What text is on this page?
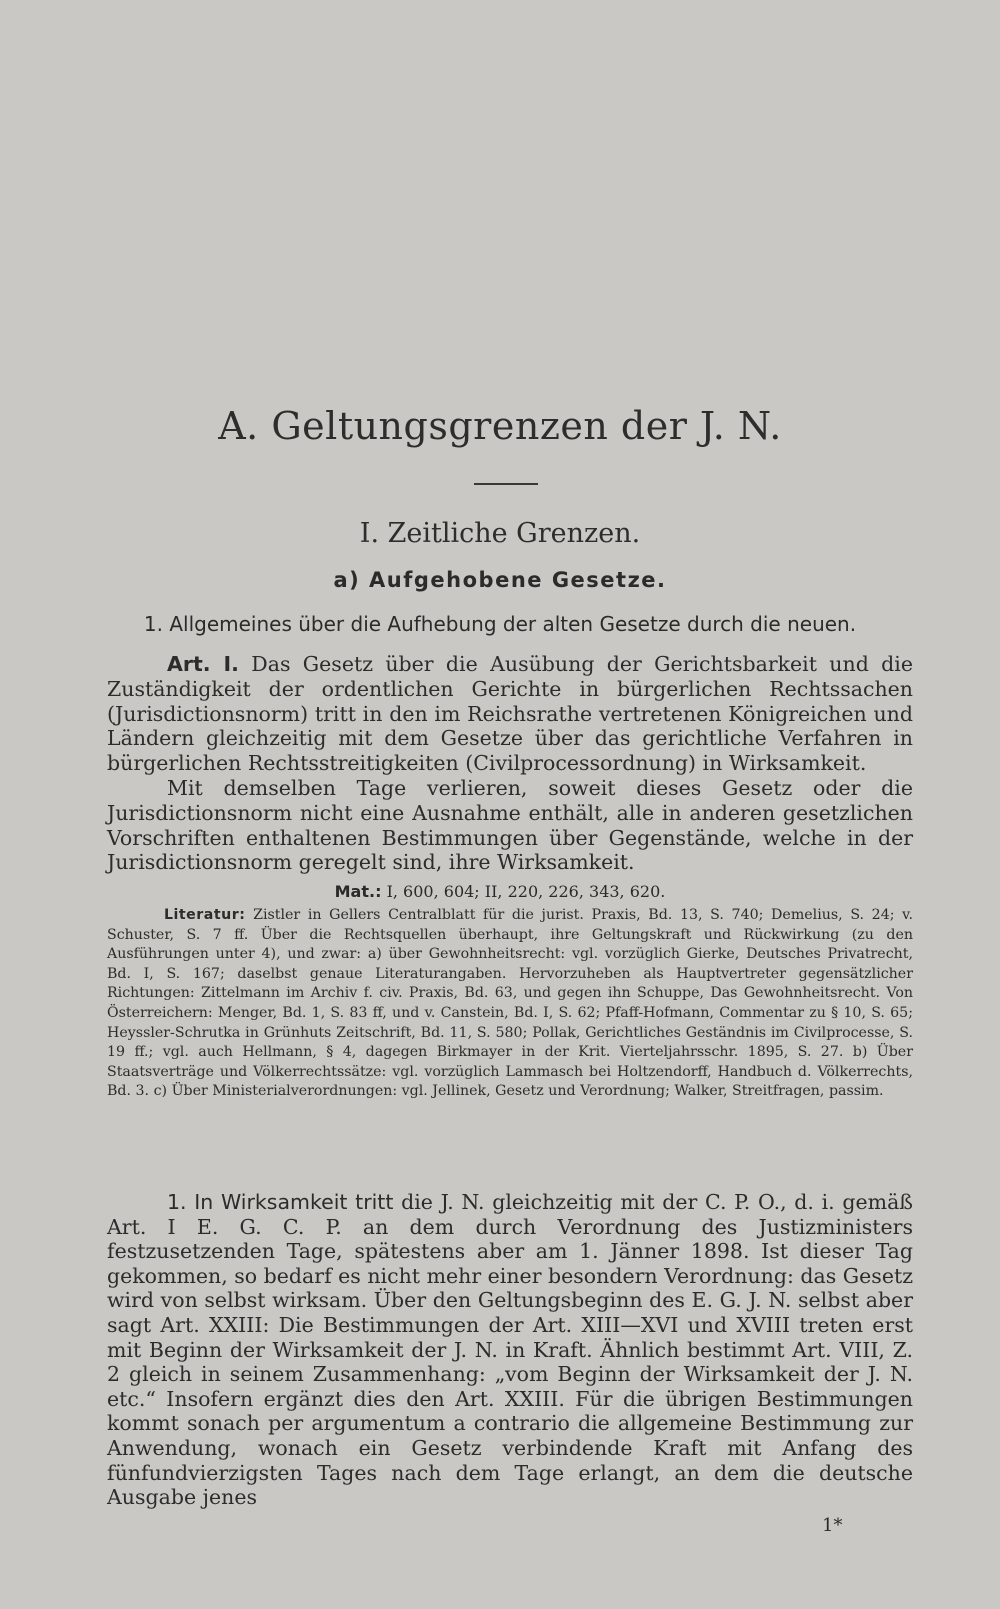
A. Geltungsgrenzen der J. N.
I. Zeitliche Grenzen.
a) Aufgehobene Gesetze.
1. Allgemeines über die Aufhebung der alten Gesetze durch die neuen.

Art. I. Das Gesetz über die Ausübung der Gerichtsbarkeit und die Zuständigkeit der ordentlichen Gerichte in bürgerlichen Rechtssachen (Jurisdictionsnorm) tritt in den im Reichsrathe vertretenen Königreichen und Ländern gleichzeitig mit dem Gesetze über das gerichtliche Verfahren in bürgerlichen Rechtsstreitigkeiten (Civilprocessordnung) in Wirksamkeit.

Mit demselben Tage verlieren, soweit dieses Gesetz oder die Jurisdictionsnorm nicht eine Ausnahme enthält, alle in anderen gesetzlichen Vorschriften enthaltenen Bestimmungen über Gegenstände, welche in der Jurisdictionsnorm geregelt sind, ihre Wirksamkeit.

Mat.: I, 600, 604; II, 220, 226, 343, 620.

Literatur: Zistler in Gellers Centralblatt für die jurist. Praxis, Bd. 13, S. 740; Demelius, S. 24; v. Schuster, S. 7 ff. Über die Rechtsquellen überhaupt, ihre Geltungskraft und Rückwirkung (zu den Ausführungen unter 4), und zwar: a) über Gewohnheitsrecht: vgl. vorzüglich Gierke, Deutsches Privatrecht, Bd. I, S. 167; daselbst genaue Literaturangaben. Hervorzuheben als Hauptvertreter gegensätzlicher Richtungen: Zittelmann im Archiv f. civ. Praxis, Bd. 63, und gegen ihn Schuppe, Das Gewohnheitsrecht. Von Österreichern: Menger, Bd. 1, S. 83 ff, und v. Canstein, Bd. I, S. 62; Pfaff-Hofmann, Commentar zu § 10, S. 65; Heyssler-Schrutka in Grünhuts Zeitschrift, Bd. 11, S. 580; Pollak, Gerichtliches Geständnis im Civilprocesse, S. 19 ff.; vgl. auch Hellmann, § 4, dagegen Birkmayer in der Krit. Vierteljahrsschr. 1895, S. 27. b) Über Staatsverträge und Völkerrechtssätze: vgl. vorzüglich Lammasch bei Holtzendorff, Handbuch d. Völkerrechts, Bd. 3. c) Über Ministerialverordnungen: vgl. Jellinek, Gesetz und Verordnung; Walker, Streitfragen, passim.

1. In Wirksamkeit tritt die J. N. gleichzeitig mit der C. P. O., d. i. gemäß Art. I E. G. C. P. an dem durch Verordnung des Justizministers festzusetzenden Tage, spätestens aber am 1. Jänner 1898. Ist dieser Tag gekommen, so bedarf es nicht mehr einer besondern Verordnung: das Gesetz wird von selbst wirksam. Über den Geltungsbeginn des E. G. J. N. selbst aber sagt Art. XXIII: Die Bestimmungen der Art. XIII—XVI und XVIII treten erst mit Beginn der Wirksamkeit der J. N. in Kraft. Ähnlich bestimmt Art. VIII, Z. 2 gleich in seinem Zusammenhang: „vom Beginn der Wirksamkeit der J. N. etc.“ Insofern ergänzt dies den Art. XXIII. Für die übrigen Bestimmungen kommt sonach per argumentum a contrario die allgemeine Bestimmung zur Anwendung, wonach ein Gesetz verbindende Kraft mit Anfang des fünfundvierzigsten Tages nach dem Tage erlangt, an dem die deutsche Ausgabe jenes

1*
